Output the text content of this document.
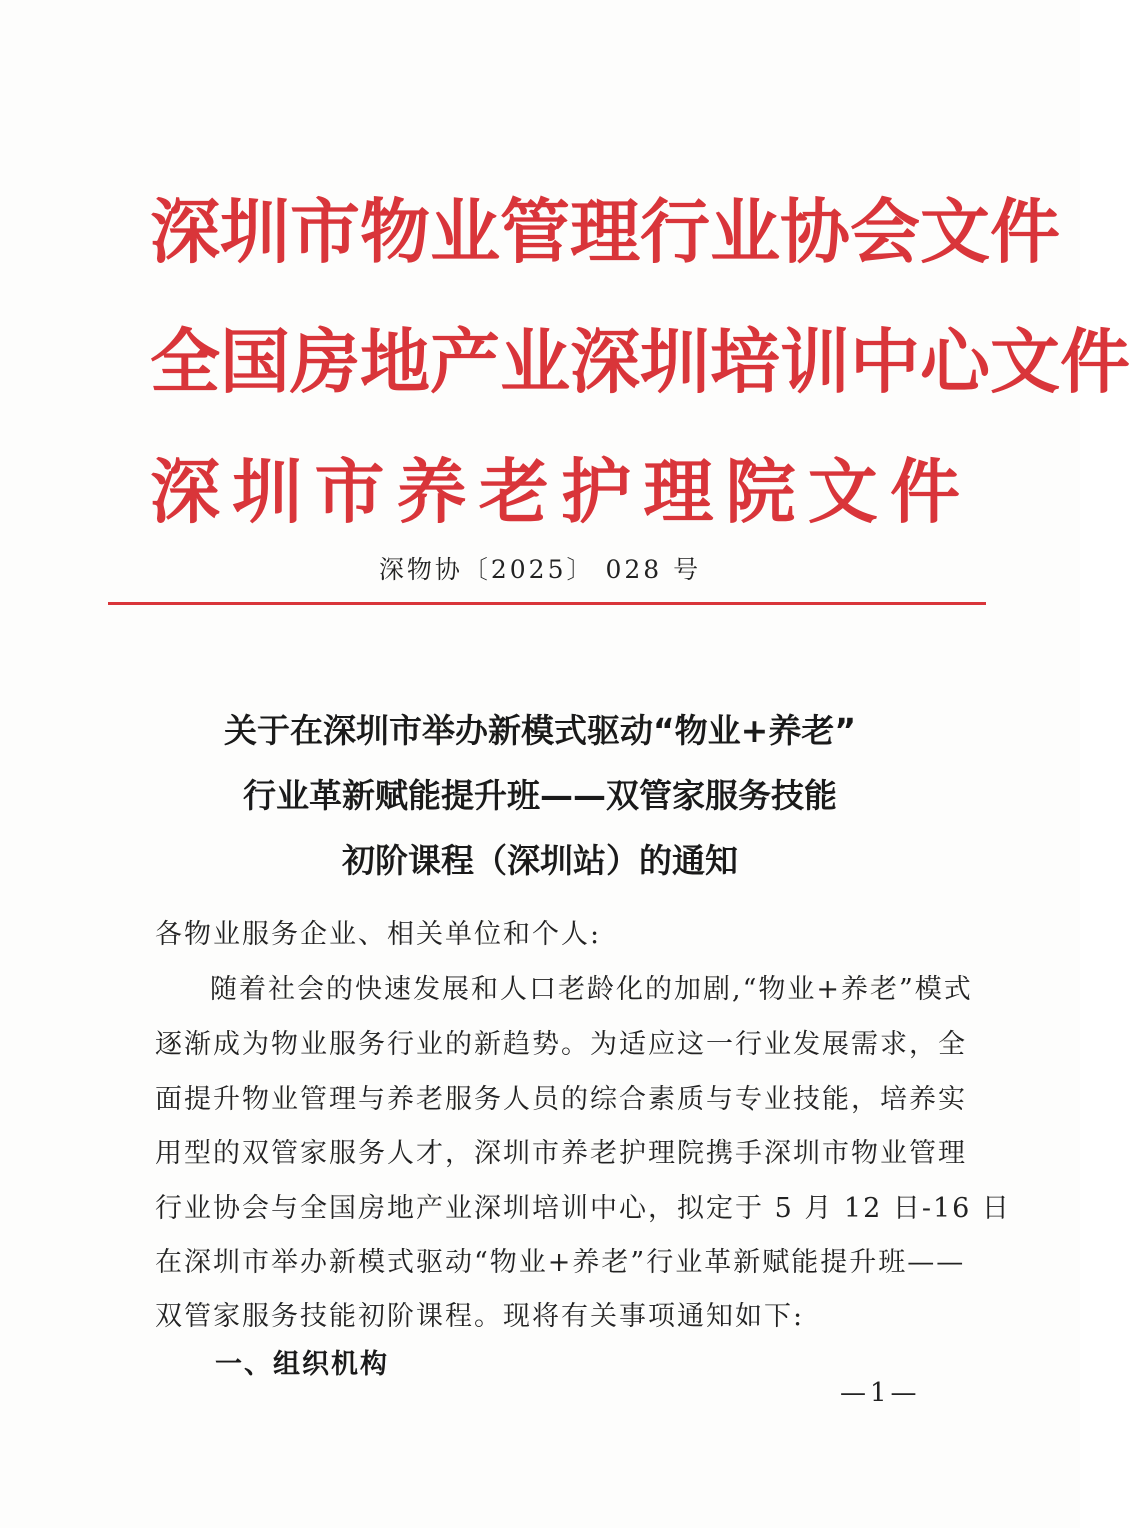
深 圳 市 物 业 管 理 行 业 协 会 文 件
全 国 房 地 产 业 深 圳 培 训 中 心 文 件
深 圳 市 养 老 护 理 院 文 件
深物协〔2025〕 028 号
关于在深圳市举办新模式驱动“物业+养老”
行业革新赋能提升班——双管家服务技能
初阶课程（深圳站）的通知
各物业服务企业、相关单位和个人:
随着社会的快速发展和人口老龄化的加剧,“物业+养老”模式
逐渐成为物业服务行业的新趋势。为适应这一行业发展需求，全
面提升物业管理与养老服务人员的综合素质与专业技能，培养实
用型的双管家服务人才，深圳市养老护理院携手深圳市物业管理
行业协会与全国房地产业深圳培训中心，拟定于 5 月 12 日-16 日
在深圳市举办新模式驱动“物业+养老”行业革新赋能提升班——
双管家服务技能初阶课程。现将有关事项通知如下:
一、组织机构
—1—
